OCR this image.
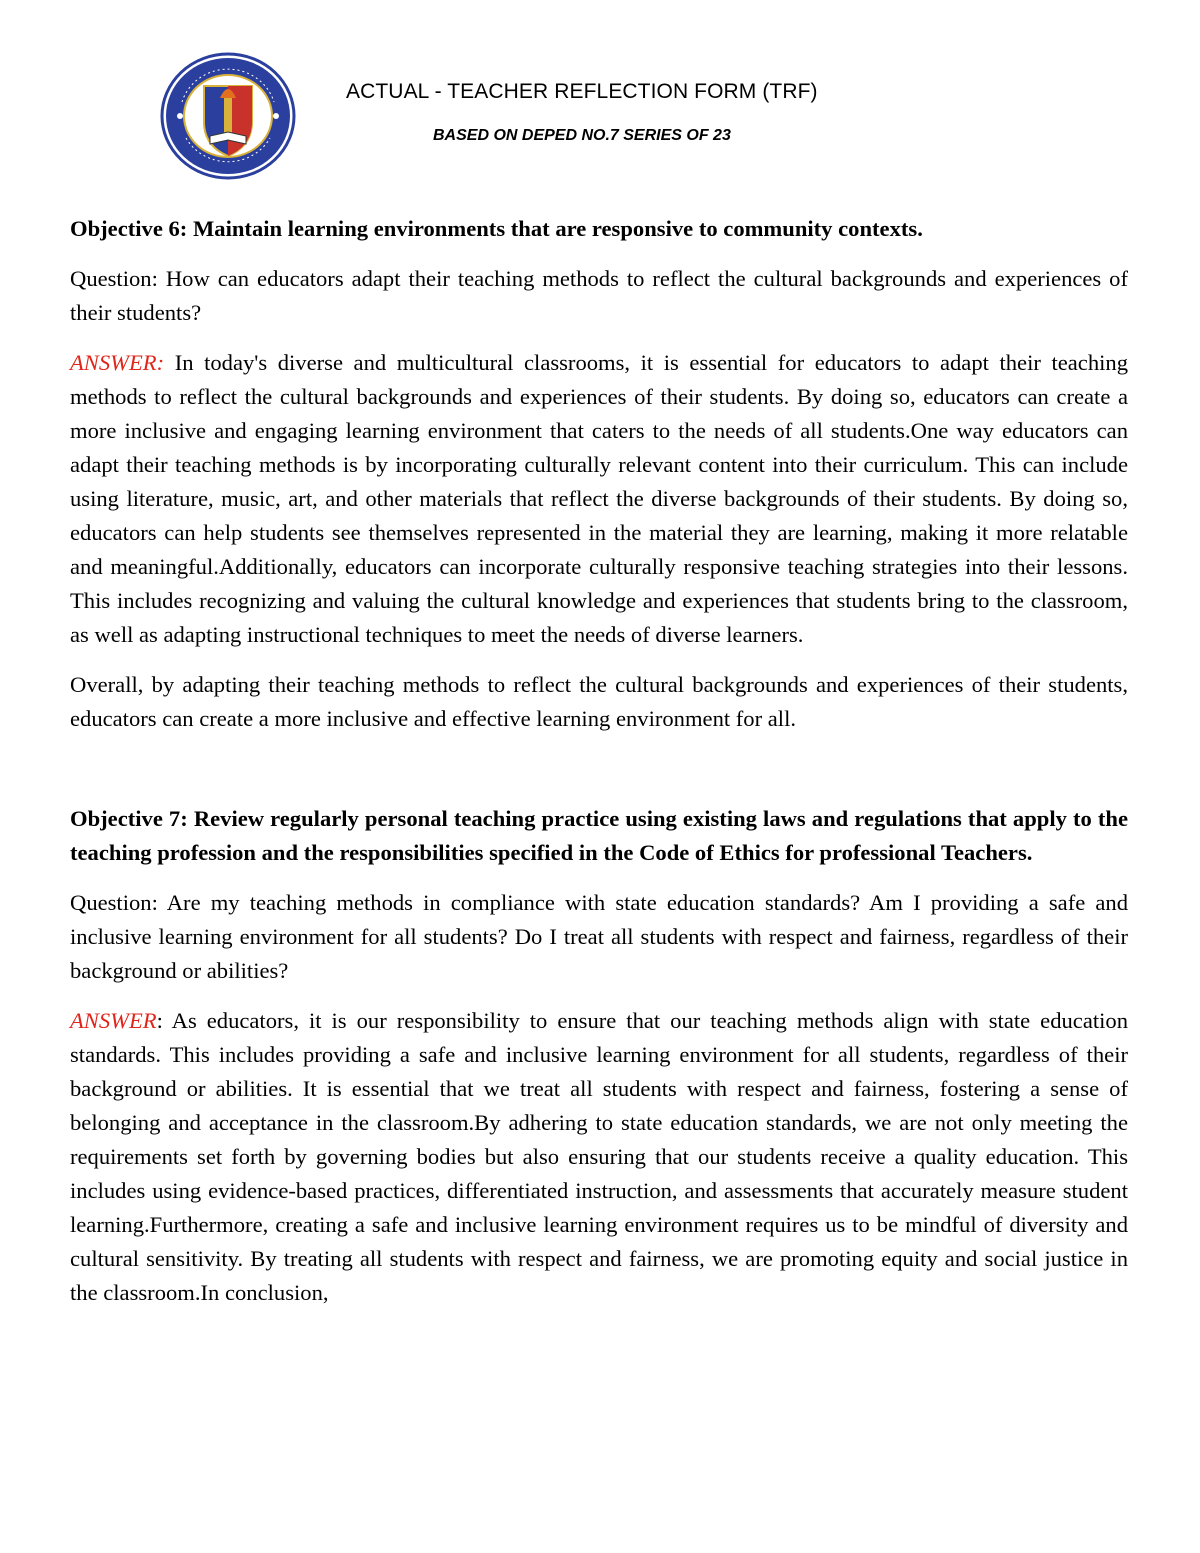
ACTUAL - TEACHER REFLECTION FORM (TRF)
BASED ON DEPED NO.7 SERIES OF 23

Objective 6: Maintain learning environments that are responsive to community contexts.

Question: How can educators adapt their teaching methods to reflect the cultural backgrounds and experiences of their students?

ANSWER: In today's diverse and multicultural classrooms, it is essential for educators to adapt their teaching methods to reflect the cultural backgrounds and experiences of their students. By doing so, educators can create a more inclusive and engaging learning environment that caters to the needs of all students.One way educators can adapt their teaching methods is by incorporating culturally relevant content into their curriculum. This can include using literature, music, art, and other materials that reflect the diverse backgrounds of their students. By doing so, educators can help students see themselves represented in the material they are learning, making it more relatable and meaningful.Additionally, educators can incorporate culturally responsive teaching strategies into their lessons. This includes recognizing and valuing the cultural knowledge and experiences that students bring to the classroom, as well as adapting instructional techniques to meet the needs of diverse learners.

Overall, by adapting their teaching methods to reflect the cultural backgrounds and experiences of their students, educators can create a more inclusive and effective learning environment for all.

Objective 7: Review regularly personal teaching practice using existing laws and regulations that apply to the teaching profession and the responsibilities specified in the Code of Ethics for professional Teachers.

Question: Are my teaching methods in compliance with state education standards? Am I providing a safe and inclusive learning environment for all students? Do I treat all students with respect and fairness, regardless of their background or abilities?

ANSWER: As educators, it is our responsibility to ensure that our teaching methods align with state education standards. This includes providing a safe and inclusive learning environment for all students, regardless of their background or abilities. It is essential that we treat all students with respect and fairness, fostering a sense of belonging and acceptance in the classroom.By adhering to state education standards, we are not only meeting the requirements set forth by governing bodies but also ensuring that our students receive a quality education. This includes using evidence-based practices, differentiated instruction, and assessments that accurately measure student learning.Furthermore, creating a safe and inclusive learning environment requires us to be mindful of diversity and cultural sensitivity. By treating all students with respect and fairness, we are promoting equity and social justice in the classroom.In conclusion,
